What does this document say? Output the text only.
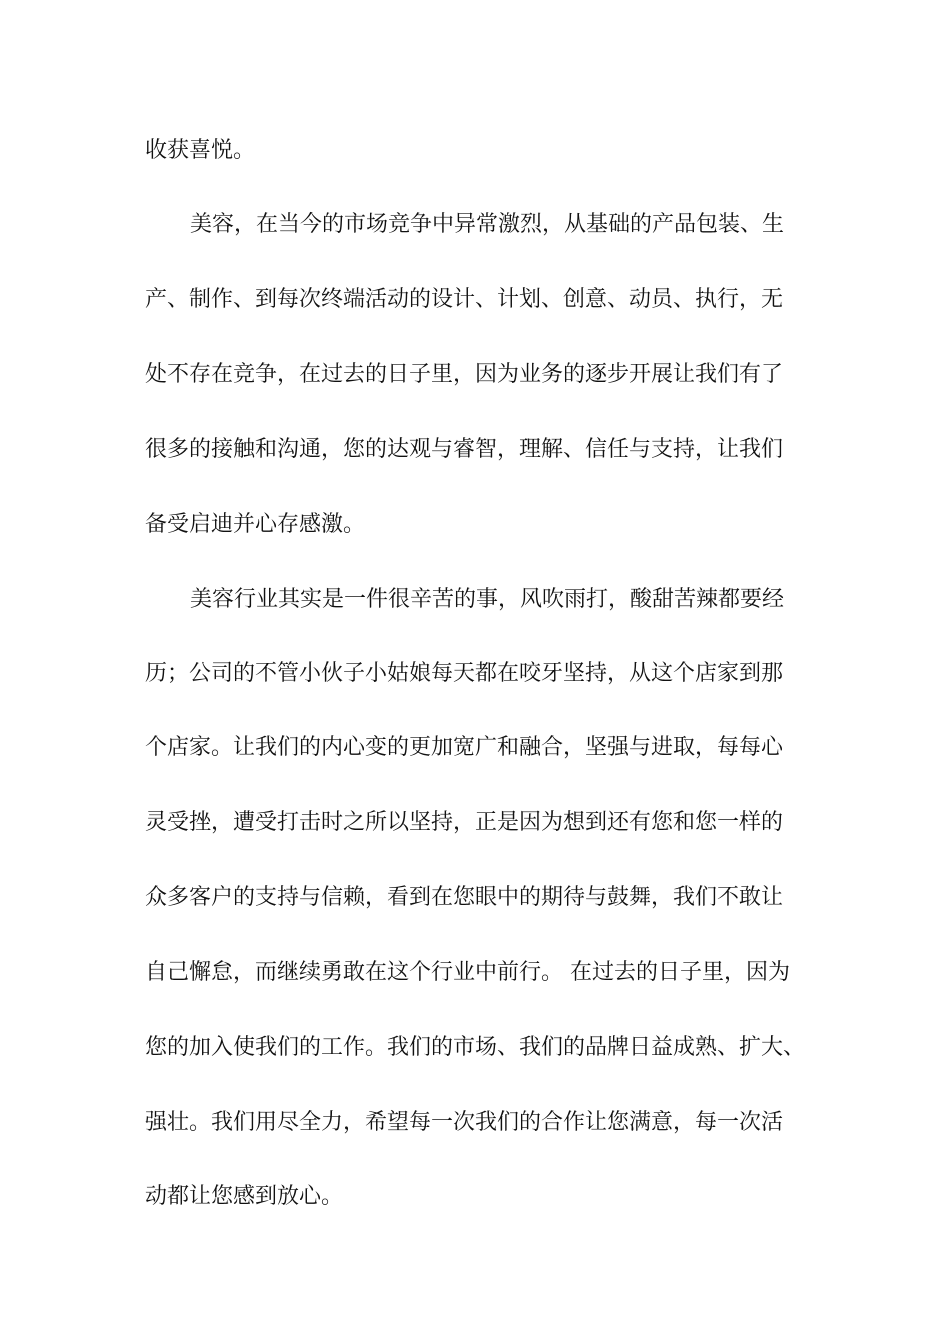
收获喜悦。
美容，在当今的市场竞争中异常激烈，从基础的产品包装、生
产、制作、到每次终端活动的设计、计划、创意、动员、执行，无
处不存在竞争，在过去的日子里，因为业务的逐步开展让我们有了
很多的接触和沟通，您的达观与睿智，理解、信任与支持，让我们
备受启迪并心存感激。
美容行业其实是一件很辛苦的事，风吹雨打，酸甜苦辣都要经
历；公司的不管小伙子小姑娘每天都在咬牙坚持，从这个店家到那
个店家。让我们的内心变的更加宽广和融合，坚强与进取，每每心
灵受挫，遭受打击时之所以坚持，正是因为想到还有您和您一样的
众多客户的支持与信赖，看到在您眼中的期待与鼓舞，我们不敢让
自己懈怠，而继续勇敢在这个行业中前行。 在过去的日子里，因为
您的加入使我们的工作。我们的市场、我们的品牌日益成熟、扩大、
强壮。我们用尽全力，希望每一次我们的合作让您满意，每一次活
动都让您感到放心。
